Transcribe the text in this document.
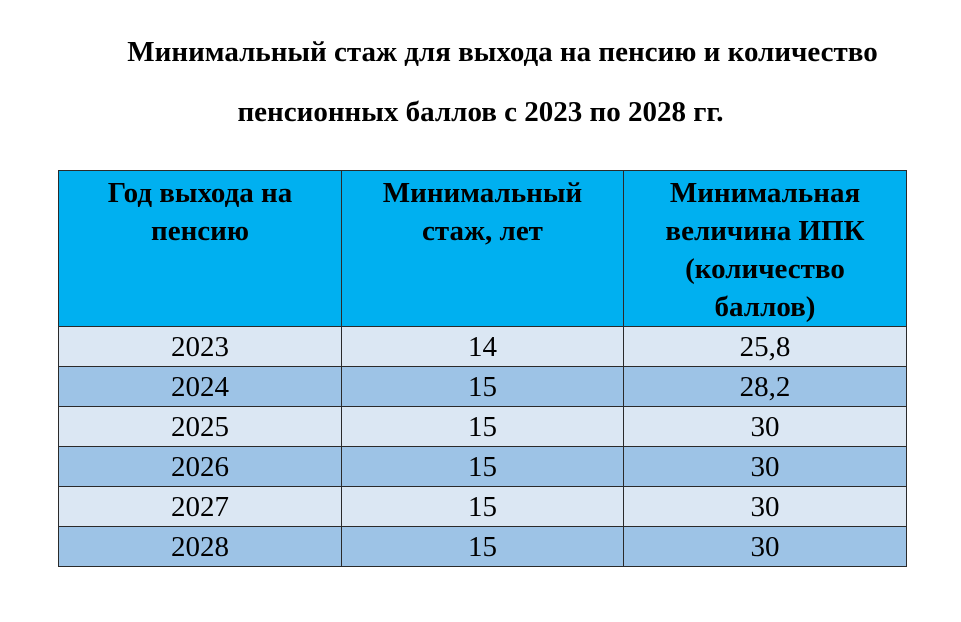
Минимальный стаж для выхода на пенсию и количество
пенсионных баллов с 2023 по 2028 гг.
Год выхода на пенсию	Минимальный стаж, лет	Минимальная величина ИПК (количество баллов)
2023	14	25,8
2024	15	28,2
2025	15	30
2026	15	30
2027	15	30
2028	15	30
